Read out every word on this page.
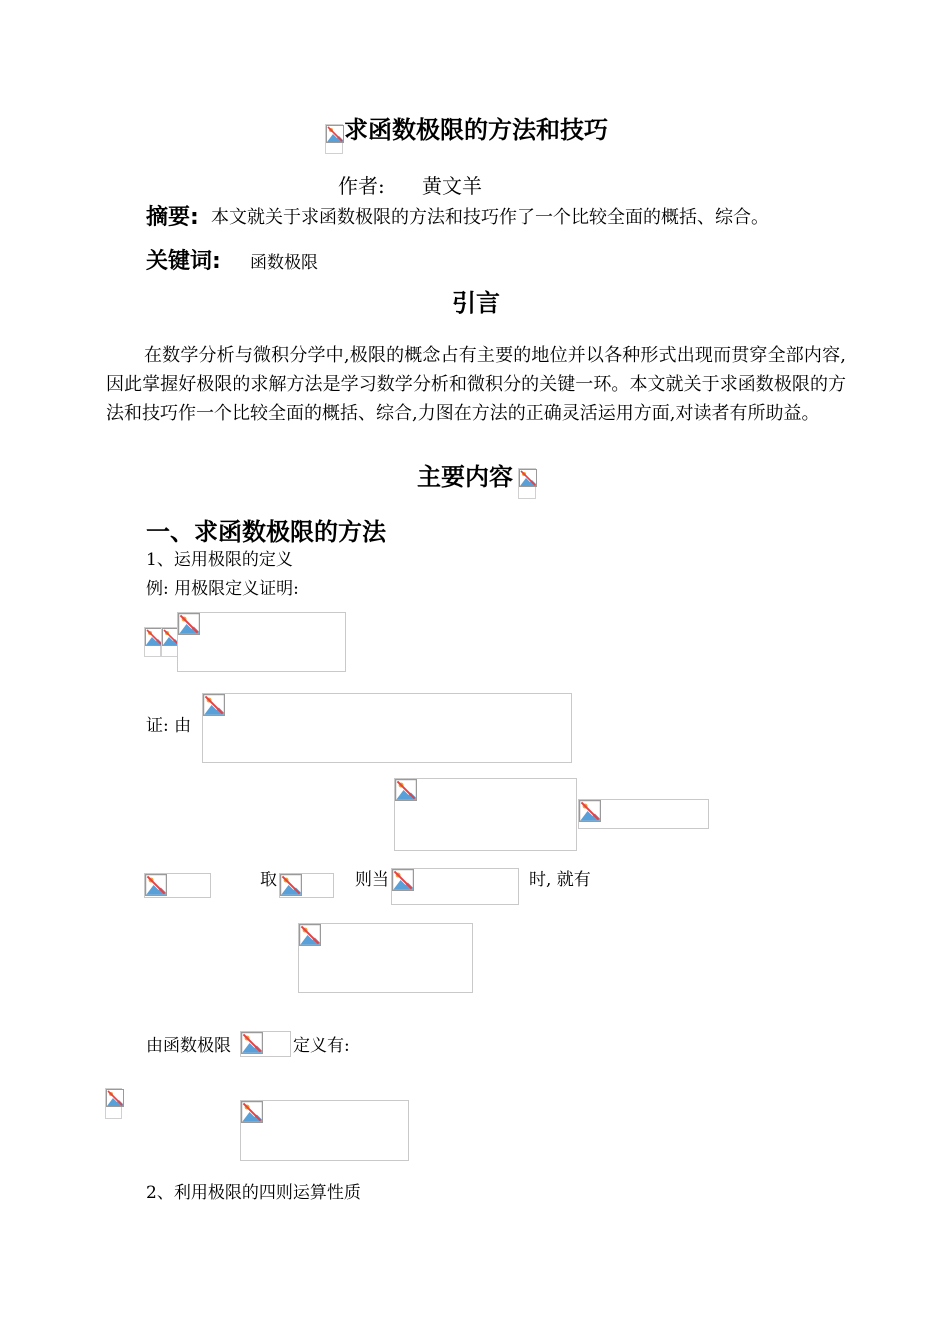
求函数极限的方法和技巧
作者: 黄文羊
摘要: 本文就关于求函数极限的方法和技巧作了一个比较全面的概括、综合。
关键词: 函数极限
引言
在数学分析与微积分学中,极限的概念占有主要的地位并以各种形式出现而贯穿全部内容,因此掌握好极限的求解方法是学习数学分析和微积分的关键一环。本文就关于求函数极限的方法和技巧作一个比较全面的概括、综合,力图在方法的正确灵活运用方面,对读者有所助益。
主要内容
一、求函数极限的方法
1、运用极限的定义
例: 用极限定义证明:
证: 由
取	则当	时, 就有
由函数极限	定义有:
2、利用极限的四则运算性质
